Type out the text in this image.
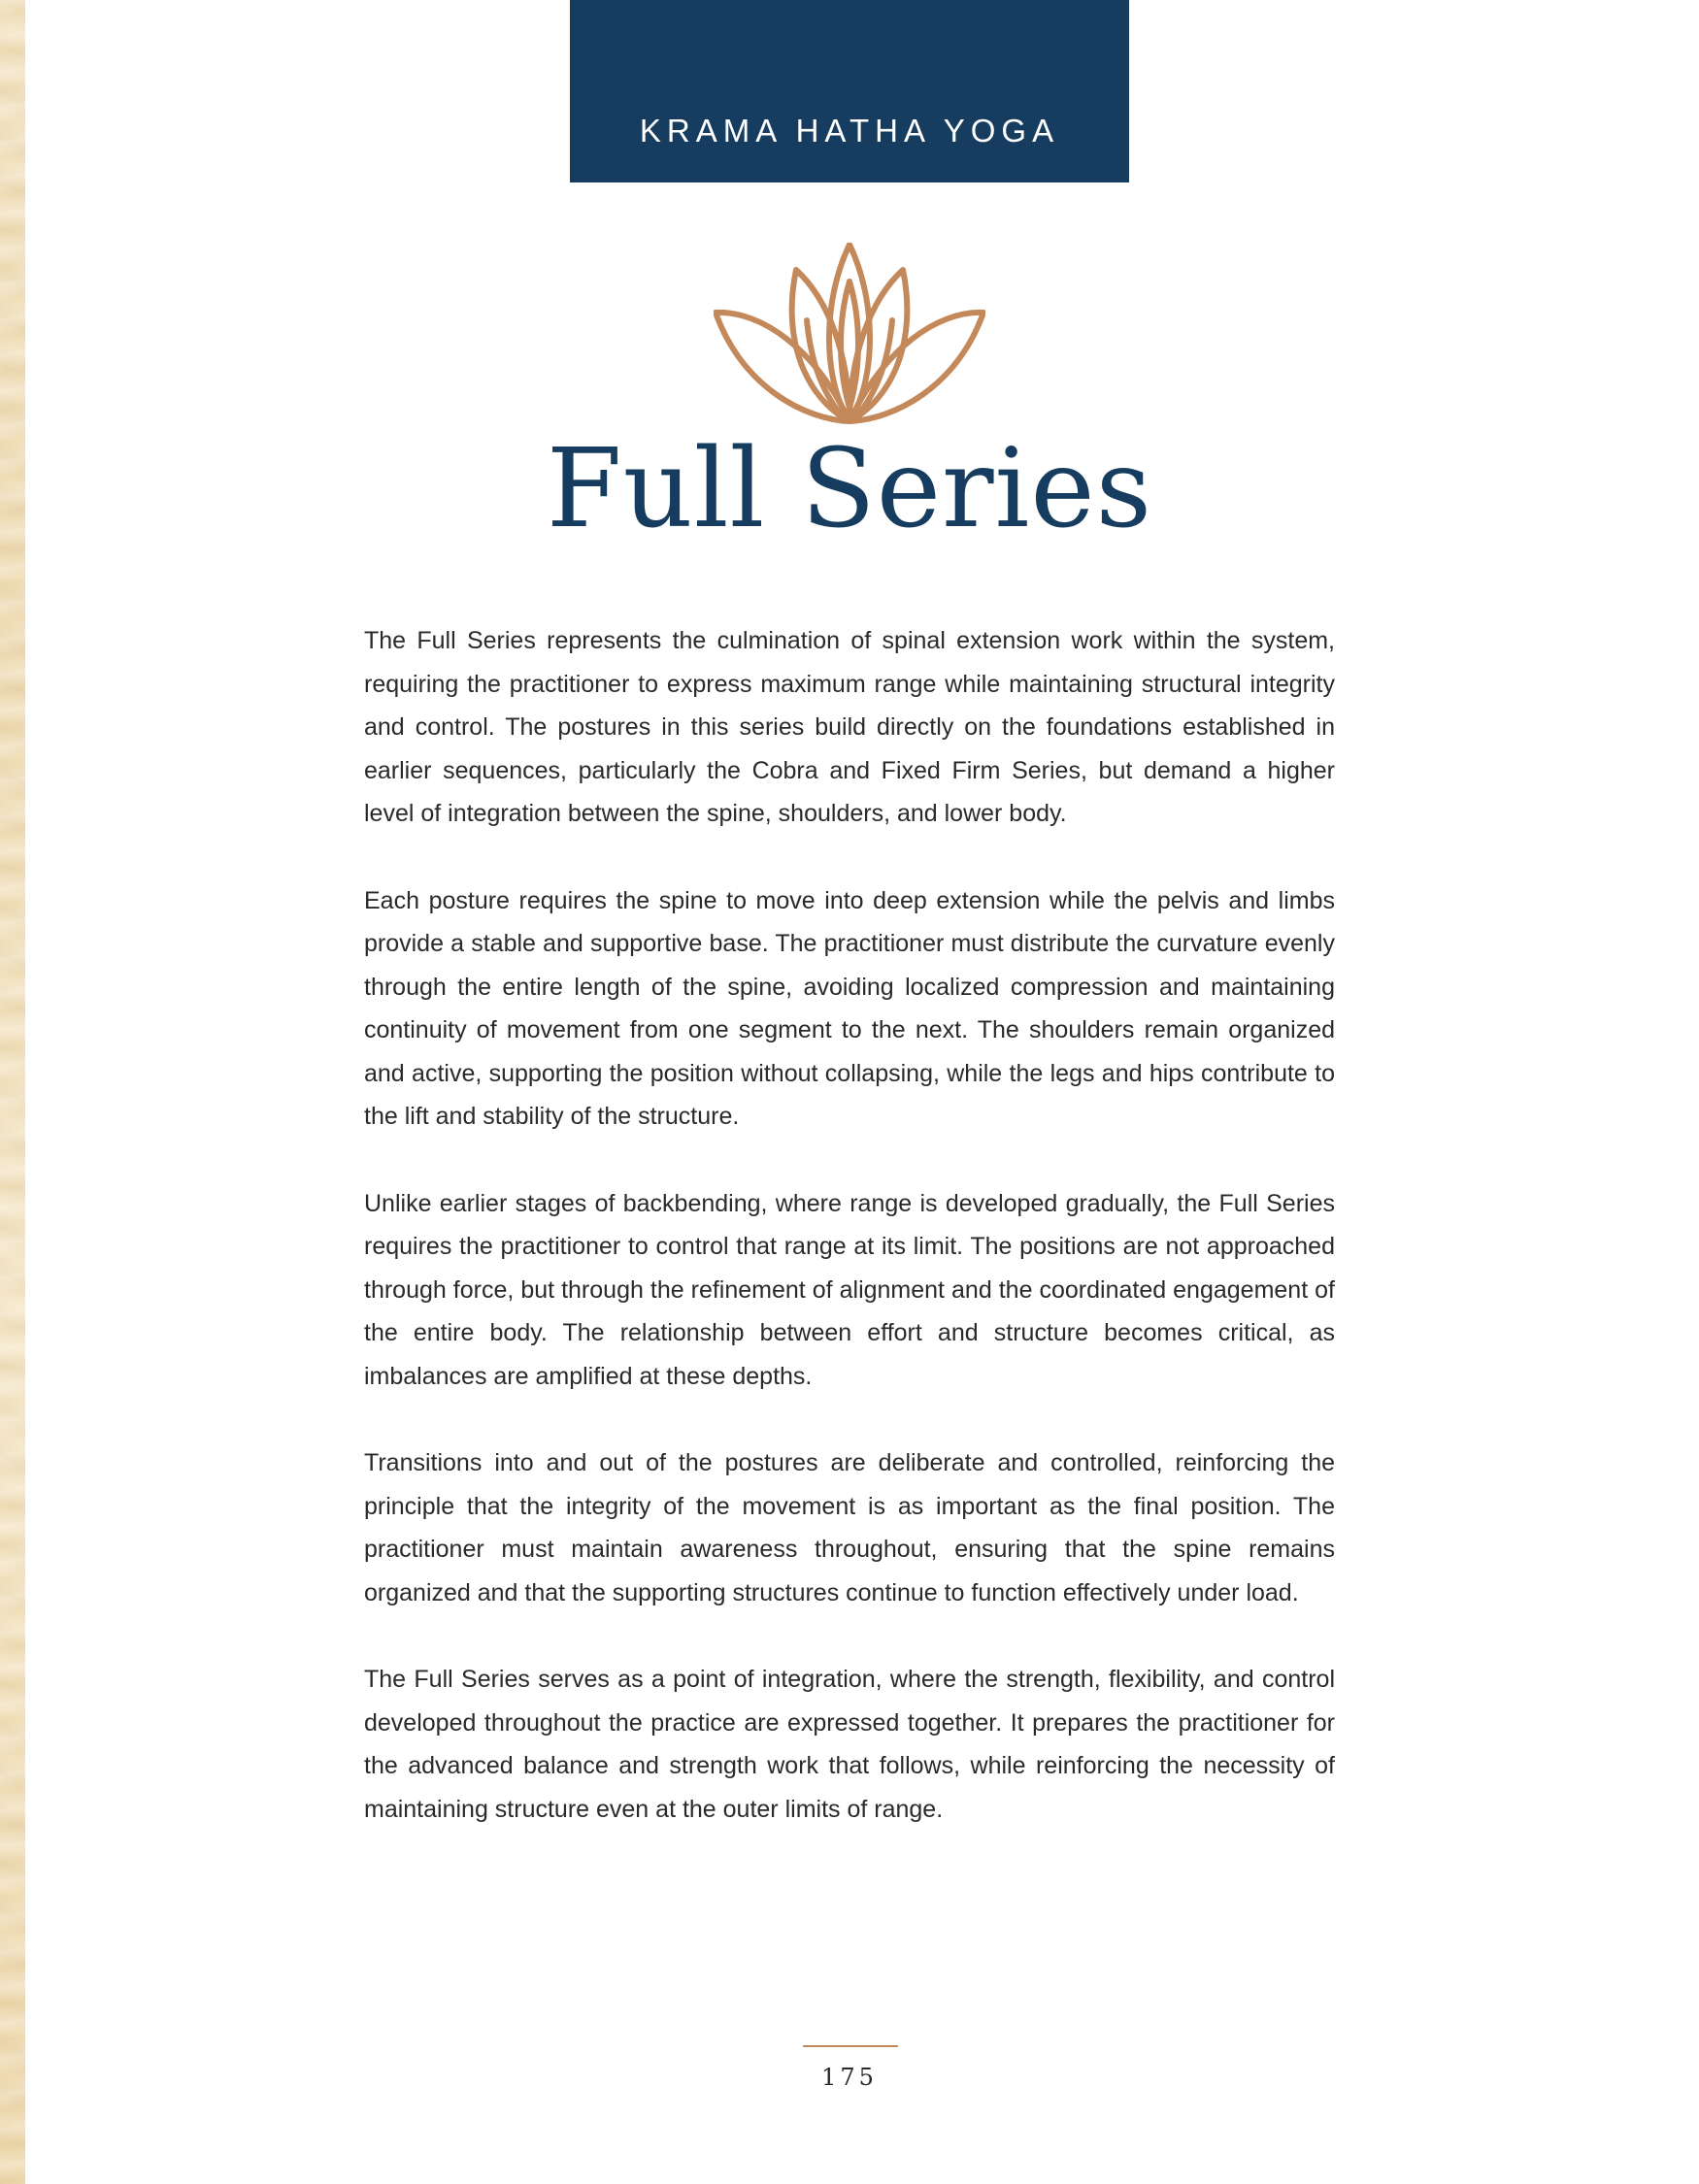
KRAMA HATHA YOGA
Full Series

The Full Series represents the culmination of spinal extension work within the system, requiring the practitioner to express maximum range while maintaining structural integrity and control. The postures in this series build directly on the foundations established in earlier sequences, particularly the Cobra and Fixed Firm Series, but demand a higher level of integration between the spine, shoulders, and lower body.

Each posture requires the spine to move into deep extension while the pelvis and limbs provide a stable and supportive base. The practitioner must distribute the curvature evenly through the entire length of the spine, avoiding localized compression and maintaining continuity of movement from one segment to the next. The shoulders remain organized and active, supporting the position without collapsing, while the legs and hips contribute to the lift and stability of the structure.

Unlike earlier stages of backbending, where range is developed gradually, the Full Series requires the practitioner to control that range at its limit. The positions are not approached through force, but through the refinement of alignment and the coordinated engagement of the entire body. The relationship between effort and structure becomes critical, as imbalances are amplified at these depths.

Transitions into and out of the postures are deliberate and controlled, reinforcing the principle that the integrity of the movement is as important as the final position. The practitioner must maintain awareness throughout, ensuring that the spine remains organized and that the supporting structures continue to function effectively under load.

The Full Series serves as a point of integration, where the strength, flexibility, and control developed throughout the practice are expressed together. It prepares the practitioner for the advanced balance and strength work that follows, while reinforcing the necessity of maintaining structure even at the outer limits of range.

175
